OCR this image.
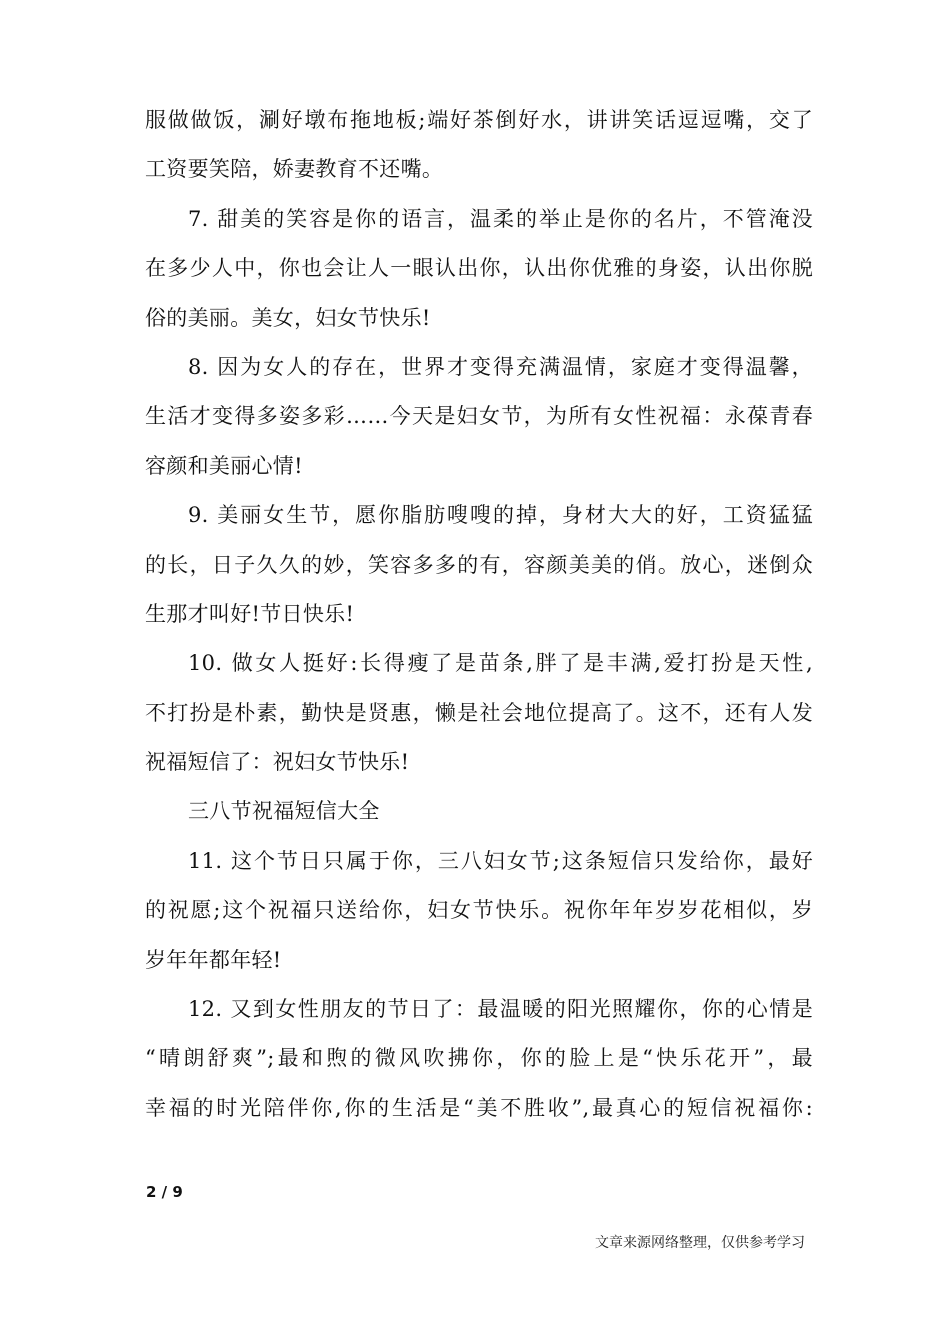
服做做饭，涮好墩布拖地板;端好茶倒好水，讲讲笑话逗逗嘴，交了
工资要笑陪，娇妻教育不还嘴。
7. 甜美的笑容是你的语言，温柔的举止是你的名片，不管淹没
在多少人中，你也会让人一眼认出你，认出你优雅的身姿，认出你脱
俗的美丽。美女，妇女节快乐!
8. 因为女人的存在，世界才变得充满温情，家庭才变得温馨，
生活才变得多姿多彩……今天是妇女节，为所有女性祝福：永葆青春
容颜和美丽心情!
9. 美丽女生节，愿你脂肪嗖嗖的掉，身材大大的好，工资猛猛
的长，日子久久的妙，笑容多多的有，容颜美美的俏。放心，迷倒众
生那才叫好!节日快乐!
10. 做女人挺好:长得瘦了是苗条,胖了是丰满,爱打扮是天性,
不打扮是朴素，勤快是贤惠，懒是社会地位提高了。这不，还有人发
祝福短信了：祝妇女节快乐!
三八节祝福短信大全
11. 这个节日只属于你，三八妇女节;这条短信只发给你，最好
的祝愿;这个祝福只送给你，妇女节快乐。祝你年年岁岁花相似，岁
岁年年都年轻!
12. 又到女性朋友的节日了：最温暖的阳光照耀你，你的心情是
“晴朗舒爽”;最和煦的微风吹拂你，你的脸上是“快乐花开”，最
幸福的时光陪伴你,你的生活是“美不胜收”,最真心的短信祝福你:
2 / 9
文章来源网络整理，仅供参考学习
